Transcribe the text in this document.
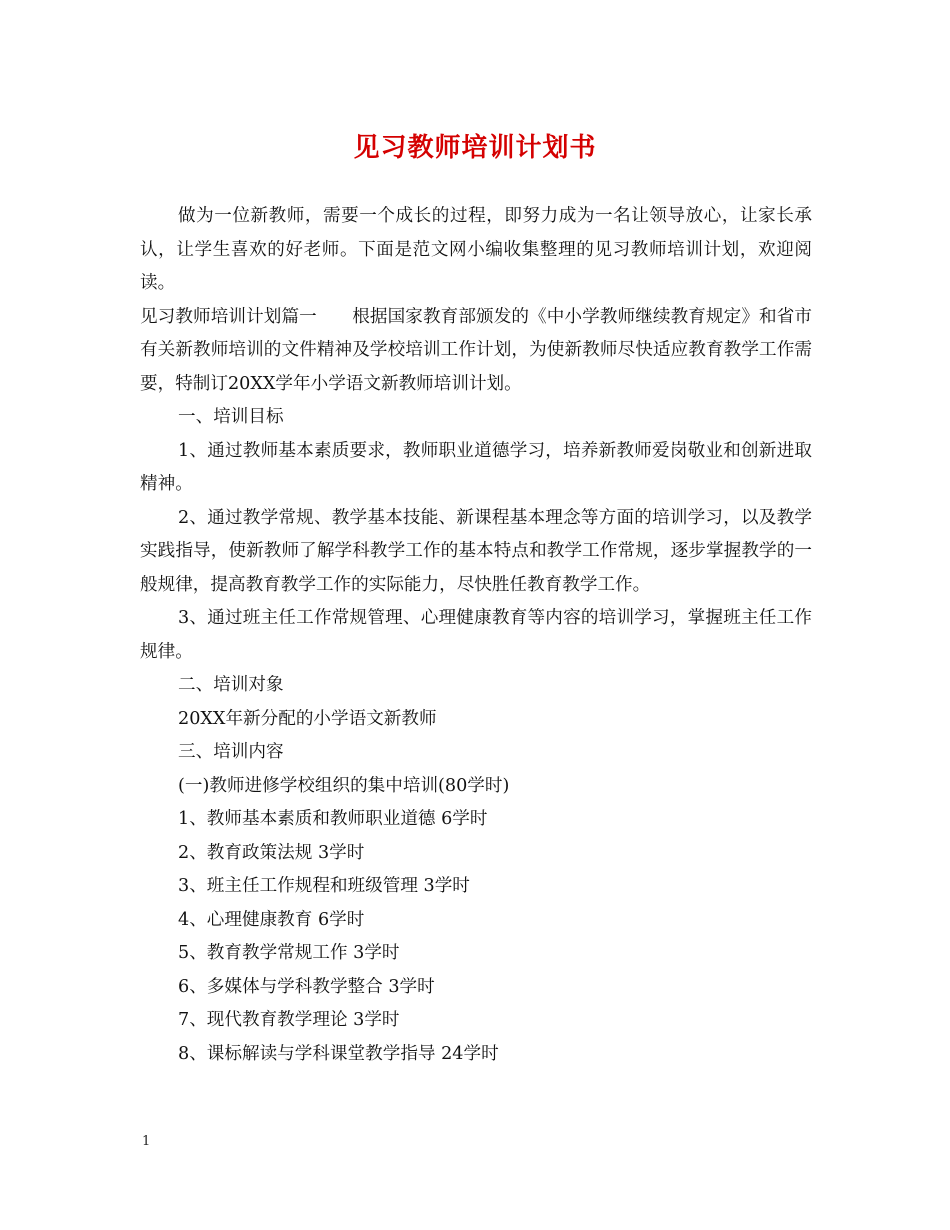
见习教师培训计划书

做为一位新教师，需要一个成长的过程，即努力成为一名让领导放心，让家长承认，让学生喜欢的好老师。下面是范文网小编收集整理的见习教师培训计划，欢迎阅读。

见习教师培训计划篇一　　根据国家教育部颁发的《中小学教师继续教育规定》和省市有关新教师培训的文件精神及学校培训工作计划，为使新教师尽快适应教育教学工作需要，特制订20XX学年小学语文新教师培训计划。

一、培训目标

1、通过教师基本素质要求，教师职业道德学习，培养新教师爱岗敬业和创新进取精神。

2、通过教学常规、教学基本技能、新课程基本理念等方面的培训学习，以及教学实践指导，使新教师了解学科教学工作的基本特点和教学工作常规，逐步掌握教学的一般规律，提高教育教学工作的实际能力，尽快胜任教育教学工作。

3、通过班主任工作常规管理、心理健康教育等内容的培训学习，掌握班主任工作规律。

二、培训对象

20XX年新分配的小学语文新教师

三、培训内容

(一)教师进修学校组织的集中培训(80学时)

1、教师基本素质和教师职业道德 6学时

2、教育政策法规 3学时

3、班主任工作规程和班级管理 3学时

4、心理健康教育 6学时

5、教育教学常规工作 3学时

6、多媒体与学科教学整合 3学时

7、现代教育教学理论 3学时

8、课标解读与学科课堂教学指导 24学时

1
